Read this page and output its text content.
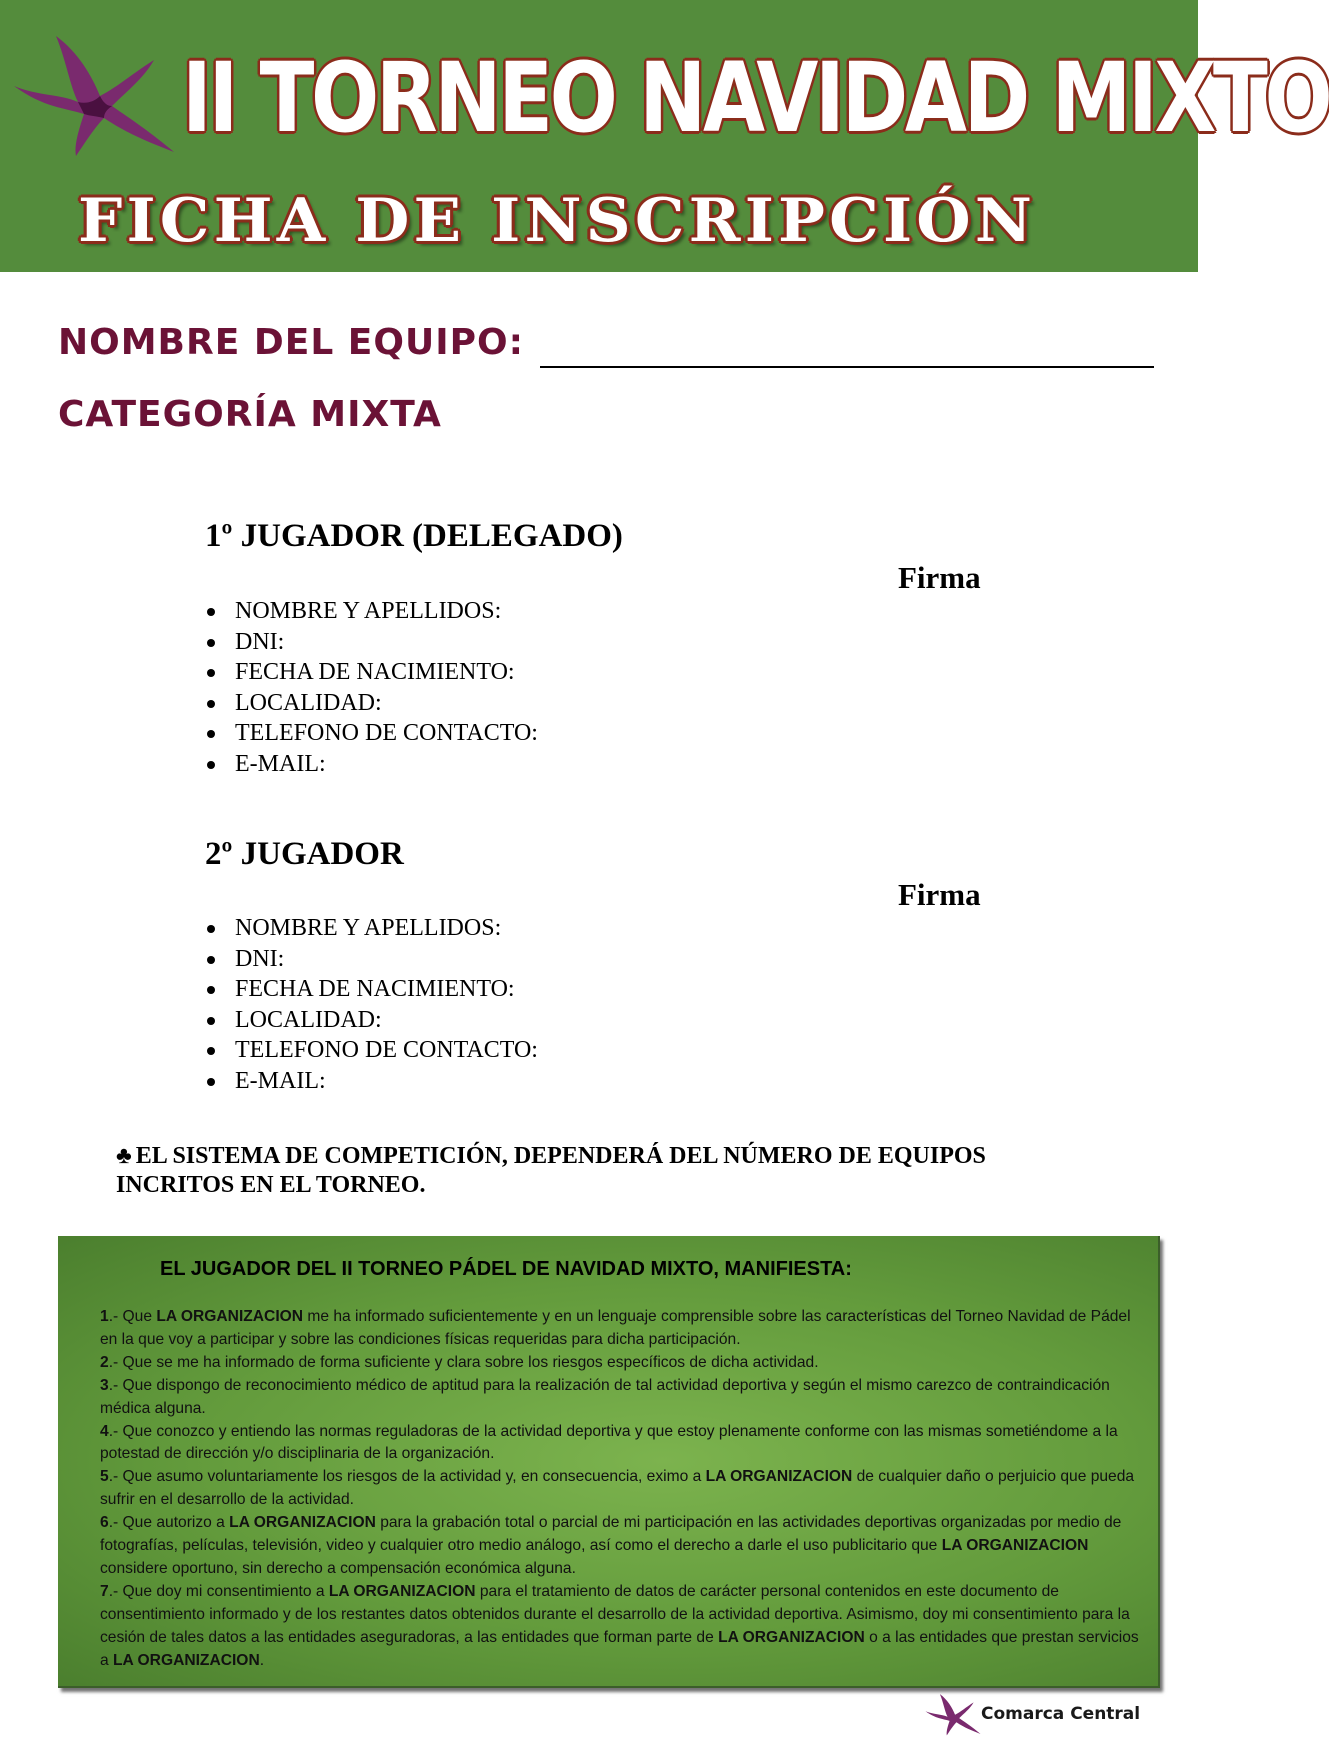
II TORNEO NAVIDAD MIXTO
FICHA DE INSCRIPCIÓN
NOMBRE DEL EQUIPO:
CATEGORÍA MIXTA
1º JUGADOR (DELEGADO)
Firma
NOMBRE Y APELLIDOS:
DNI:
FECHA DE NACIMIENTO:
LOCALIDAD:
TELEFONO DE CONTACTO:
E-MAIL:
2º JUGADOR
Firma
NOMBRE Y APELLIDOS:
DNI:
FECHA DE NACIMIENTO:
LOCALIDAD:
TELEFONO DE CONTACTO:
E-MAIL:
♣ EL SISTEMA DE COMPETICIÓN, DEPENDERÁ DEL NÚMERO DE EQUIPOS INCRITOS EN EL TORNEO.
EL JUGADOR DEL II TORNEO PÁDEL DE NAVIDAD MIXTO, MANIFIESTA:
1.- Que LA ORGANIZACION me ha informado suficientemente y en un lenguaje comprensible sobre las características del Torneo Navidad de Pádel en la que voy a participar y sobre las condiciones físicas requeridas para dicha participación.
2.- Que se me ha informado de forma suficiente y clara sobre los riesgos específicos de dicha actividad.
3.- Que dispongo de reconocimiento médico de aptitud para la realización de tal actividad deportiva y según el mismo carezco de contraindicación médica alguna.
4.- Que conozco y entiendo las normas reguladoras de la actividad deportiva y que estoy plenamente conforme con las mismas sometiéndome a la potestad de dirección y/o disciplinaria de la organización.
5.- Que asumo voluntariamente los riesgos de la actividad y, en consecuencia, eximo a LA ORGANIZACION de cualquier daño o perjuicio que pueda sufrir en el desarrollo de la actividad.
6.- Que autorizo a LA ORGANIZACION para la grabación total o parcial de mi participación en las actividades deportivas organizadas por medio de fotografías, películas, televisión, video y cualquier otro medio análogo, así como el derecho a darle el uso publicitario que LA ORGANIZACION considere oportuno, sin derecho a compensación económica alguna.
7.- Que doy mi consentimiento a LA ORGANIZACION para el tratamiento de datos de carácter personal contenidos en este documento de consentimiento informado y de los restantes datos obtenidos durante el desarrollo de la actividad deportiva. Asimismo, doy mi consentimiento para la cesión de tales datos a las entidades aseguradoras, a las entidades que forman parte de LA ORGANIZACION o a las entidades que prestan servicios a LA ORGANIZACION.
Comarca Central
